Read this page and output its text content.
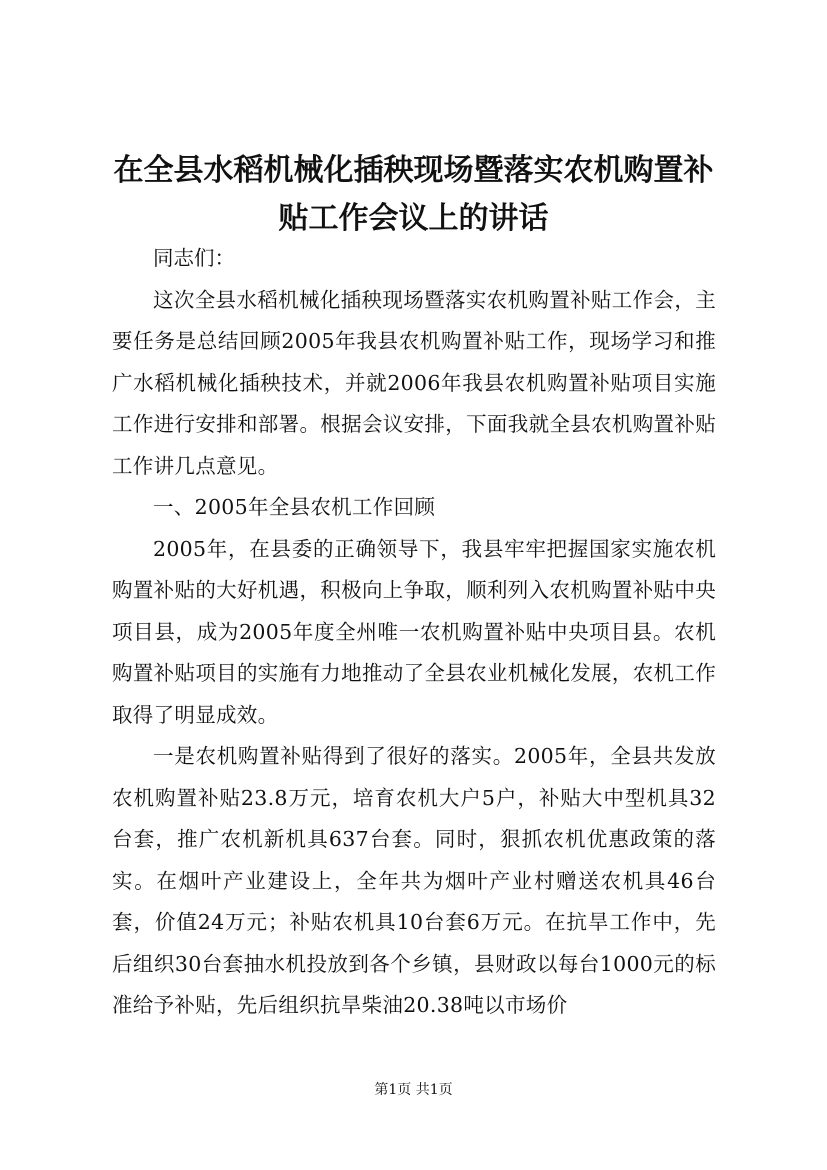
在全县水稻机械化插秧现场暨落实农机购置补贴工作会议上的讲话

同志们：

这次全县水稻机械化插秧现场暨落实农机购置补贴工作会，主要任务是总结回顾2005年我县农机购置补贴工作，现场学习和推广水稻机械化插秧技术，并就2006年我县农机购置补贴项目实施工作进行安排和部署。根据会议安排，下面我就全县农机购置补贴工作讲几点意见。

一、2005年全县农机工作回顾

2005年，在县委的正确领导下，我县牢牢把握国家实施农机购置补贴的大好机遇，积极向上争取，顺利列入农机购置补贴中央项目县，成为2005年度全州唯一农机购置补贴中央项目县。农机购置补贴项目的实施有力地推动了全县农业机械化发展，农机工作取得了明显成效。

一是农机购置补贴得到了很好的落实。2005年，全县共发放农机购置补贴23.8万元，培育农机大户5户，补贴大中型机具32台套，推广农机新机具637台套。同时，狠抓农机优惠政策的落实。在烟叶产业建设上，全年共为烟叶产业村赠送农机具46台套，价值24万元；补贴农机具10台套6万元。在抗旱工作中，先后组织30台套抽水机投放到各个乡镇，县财政以每台1000元的标准给予补贴，先后组织抗旱柴油20.38吨以市场价

第1页 共1页
